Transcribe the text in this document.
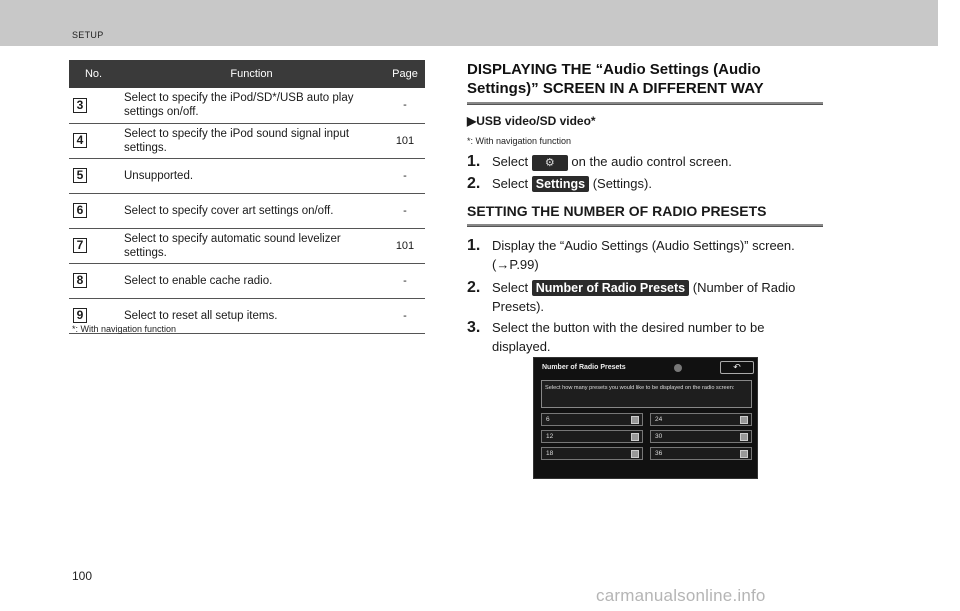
SETUP
No.	Function	Page
3	Select to specify the iPod/SD*/USB auto play settings on/off.	-
4	Select to specify the iPod sound signal input settings.	101
5	Unsupported.	-
6	Select to specify cover art settings on/off.	-
7	Select to specify automatic sound levelizer settings.	101
8	Select to enable cache radio.	-
9	Select to reset all setup items.	-
*: With navigation function
DISPLAYING THE “Audio Settings (Audio Settings)” SCREEN IN A DIFFERENT WAY
▶USB video/SD video*
*: With navigation function
1. Select ⚙ on the audio control screen.
2. Select Settings (Settings).
SETTING THE NUMBER OF RADIO PRESETS
1. Display the “Audio Settings (Audio Settings)” screen.
(→P.99)
2. Select Number of Radio Presets (Number of Radio
Presets).
3. Select the button with the desired number to be
displayed.
Number of Radio Presets	↶
Select how many presets you would like to be displayed on the radio screen:
6
12
18
24
30
36
100
carmanualsonline.info
